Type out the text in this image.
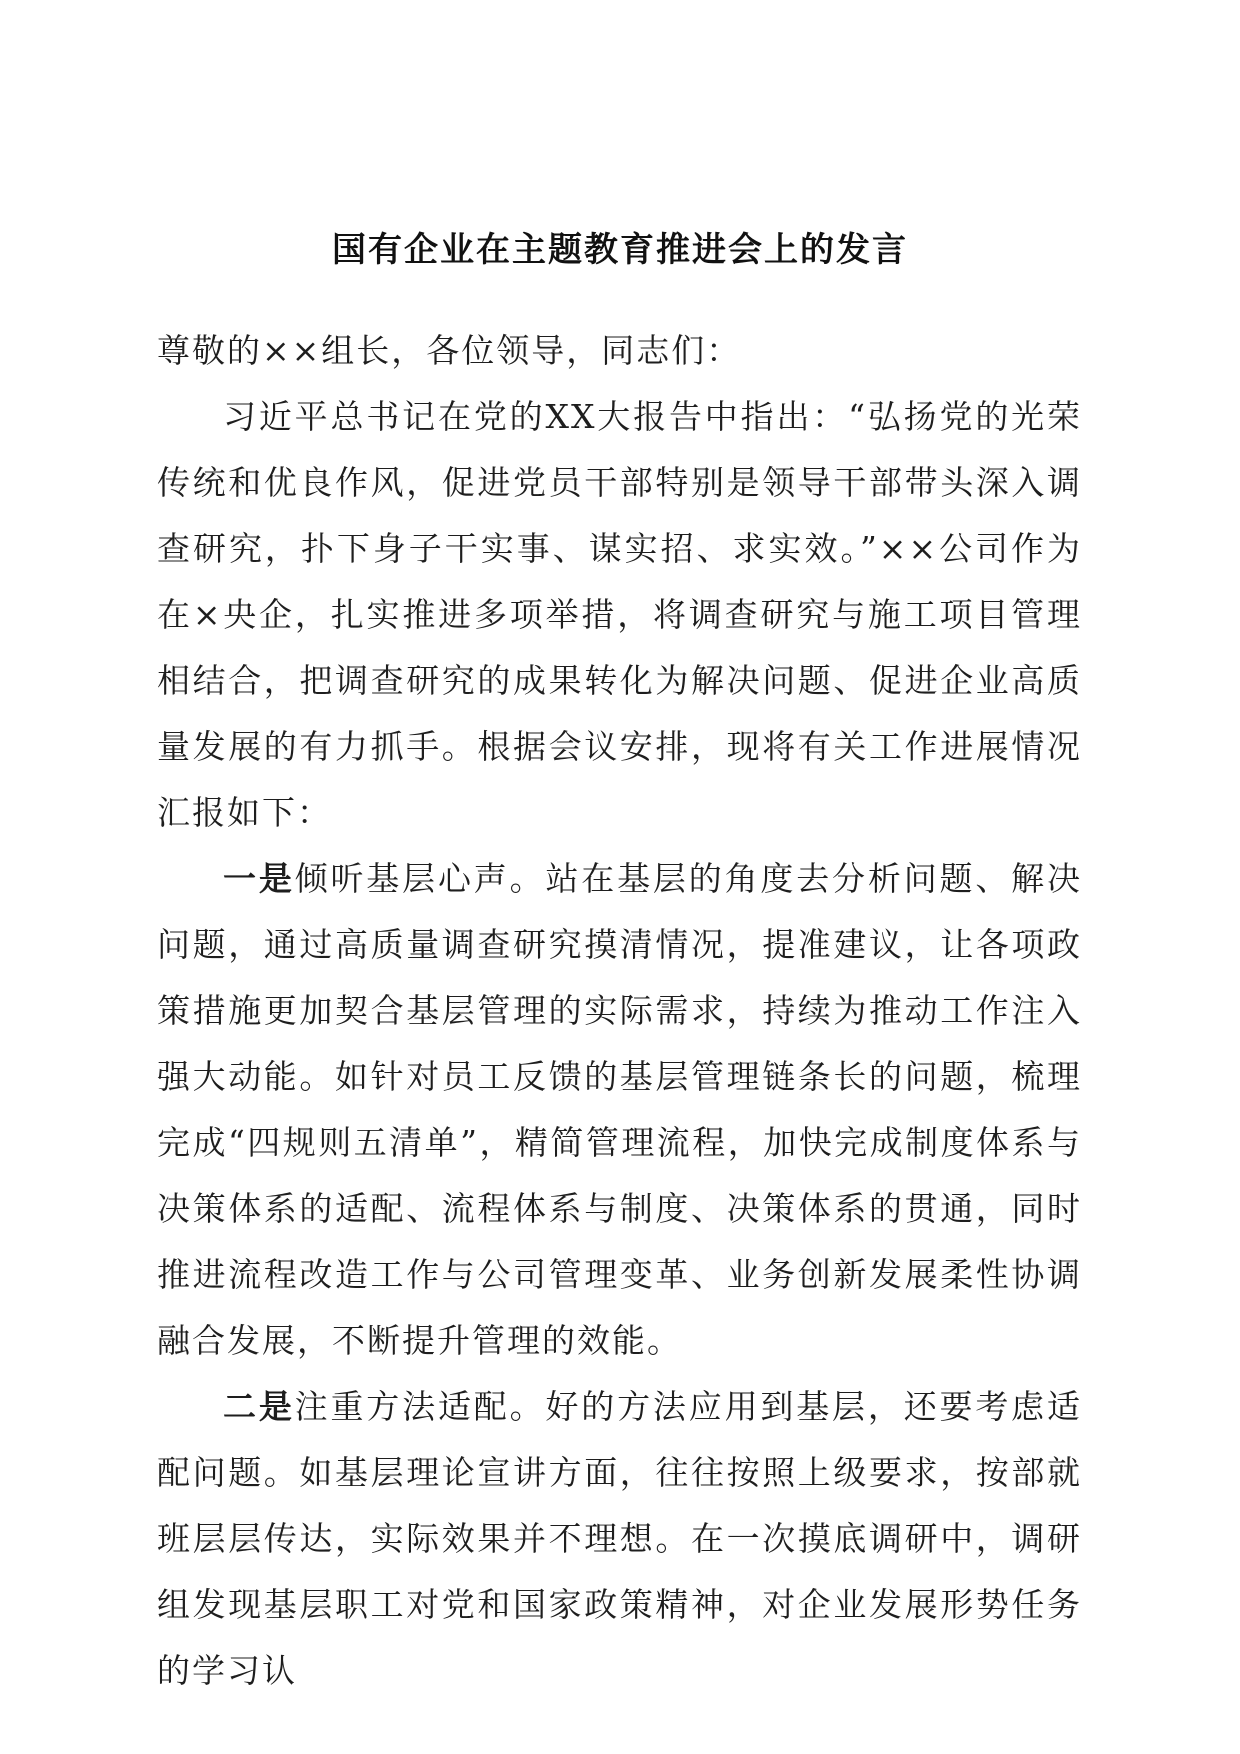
国有企业在主题教育推进会上的发言

尊敬的××组长，各位领导，同志们：

习近平总书记在党的XX大报告中指出：“弘扬党的光荣传统和优良作风，促进党员干部特别是领导干部带头深入调查研究，扑下身子干实事、谋实招、求实效。”××公司作为在×央企，扎实推进多项举措，将调查研究与施工项目管理相结合，把调查研究的成果转化为解决问题、促进企业高质量发展的有力抓手。根据会议安排，现将有关工作进展情况汇报如下：

一是倾听基层心声。站在基层的角度去分析问题、解决问题，通过高质量调查研究摸清情况，提准建议，让各项政策措施更加契合基层管理的实际需求，持续为推动工作注入强大动能。如针对员工反馈的基层管理链条长的问题，梳理完成“四规则五清单”，精简管理流程，加快完成制度体系与决策体系的适配、流程体系与制度、决策体系的贯通，同时推进流程改造工作与公司管理变革、业务创新发展柔性协调融合发展，不断提升管理的效能。

二是注重方法适配。好的方法应用到基层，还要考虑适配问题。如基层理论宣讲方面，往往按照上级要求，按部就班层层传达，实际效果并不理想。在一次摸底调研中，调研组发现基层职工对党和国家政策精神，对企业发展形势任务的学习认
